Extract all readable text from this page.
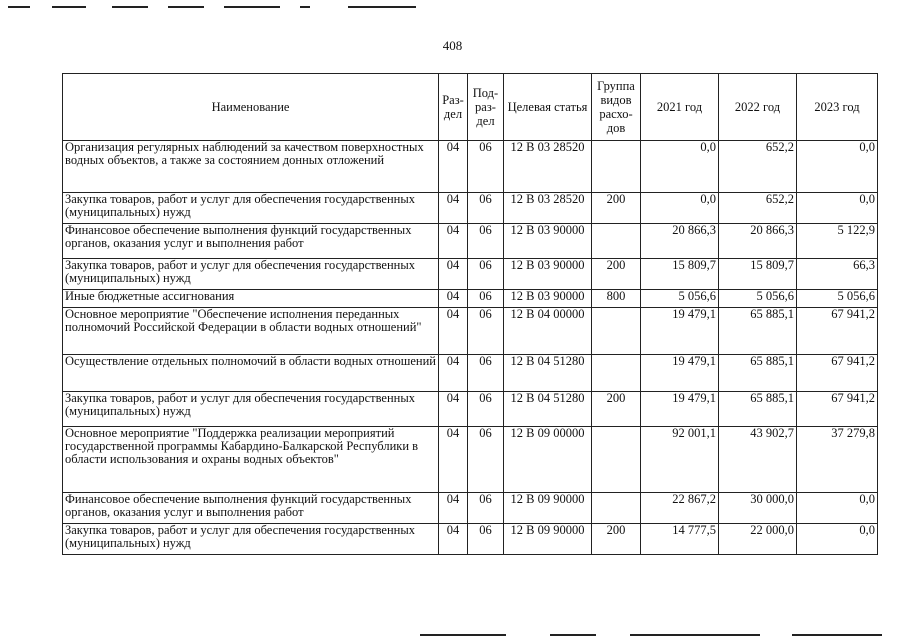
408
Наименование	Раз-дел	Под-раз-дел	Целевая статья	Группа видов расхо-дов	2021 год	2022 год	2023 год
Организация регулярных наблюдений за качеством поверхностных водных объектов, а также за состоянием донных отложений	04	06	12 В 03 28520		0,0	652,2	0,0
Закупка товаров, работ и услуг для обеспечения государственных (муниципальных) нужд	04	06	12 В 03 28520	200	0,0	652,2	0,0
Финансовое обеспечение выполнения функций государственных органов, оказания услуг и выполнения работ	04	06	12 В 03 90000		20 866,3	20 866,3	5 122,9
Закупка товаров, работ и услуг для обеспечения государственных (муниципальных) нужд	04	06	12 В 03 90000	200	15 809,7	15 809,7	66,3
Иные бюджетные ассигнования	04	06	12 В 03 90000	800	5 056,6	5 056,6	5 056,6
Основное мероприятие "Обеспечение исполнения переданных полномочий Российской Федерации в области водных отношений"	04	06	12 В 04 00000		19 479,1	65 885,1	67 941,2
Осуществление отдельных полномочий в области водных отношений	04	06	12 В 04 51280		19 479,1	65 885,1	67 941,2
Закупка товаров, работ и услуг для обеспечения государственных (муниципальных) нужд	04	06	12 В 04 51280	200	19 479,1	65 885,1	67 941,2
Основное мероприятие "Поддержка реализации мероприятий государственной программы Кабардино-Балкарской Республики в области использования и охраны водных объектов"	04	06	12 В 09 00000		92 001,1	43 902,7	37 279,8
Финансовое обеспечение выполнения функций государственных органов, оказания услуг и выполнения работ	04	06	12 В 09 90000		22 867,2	30 000,0	0,0
Закупка товаров, работ и услуг для обеспечения государственных (муниципальных) нужд	04	06	12 В 09 90000	200	14 777,5	22 000,0	0,0
